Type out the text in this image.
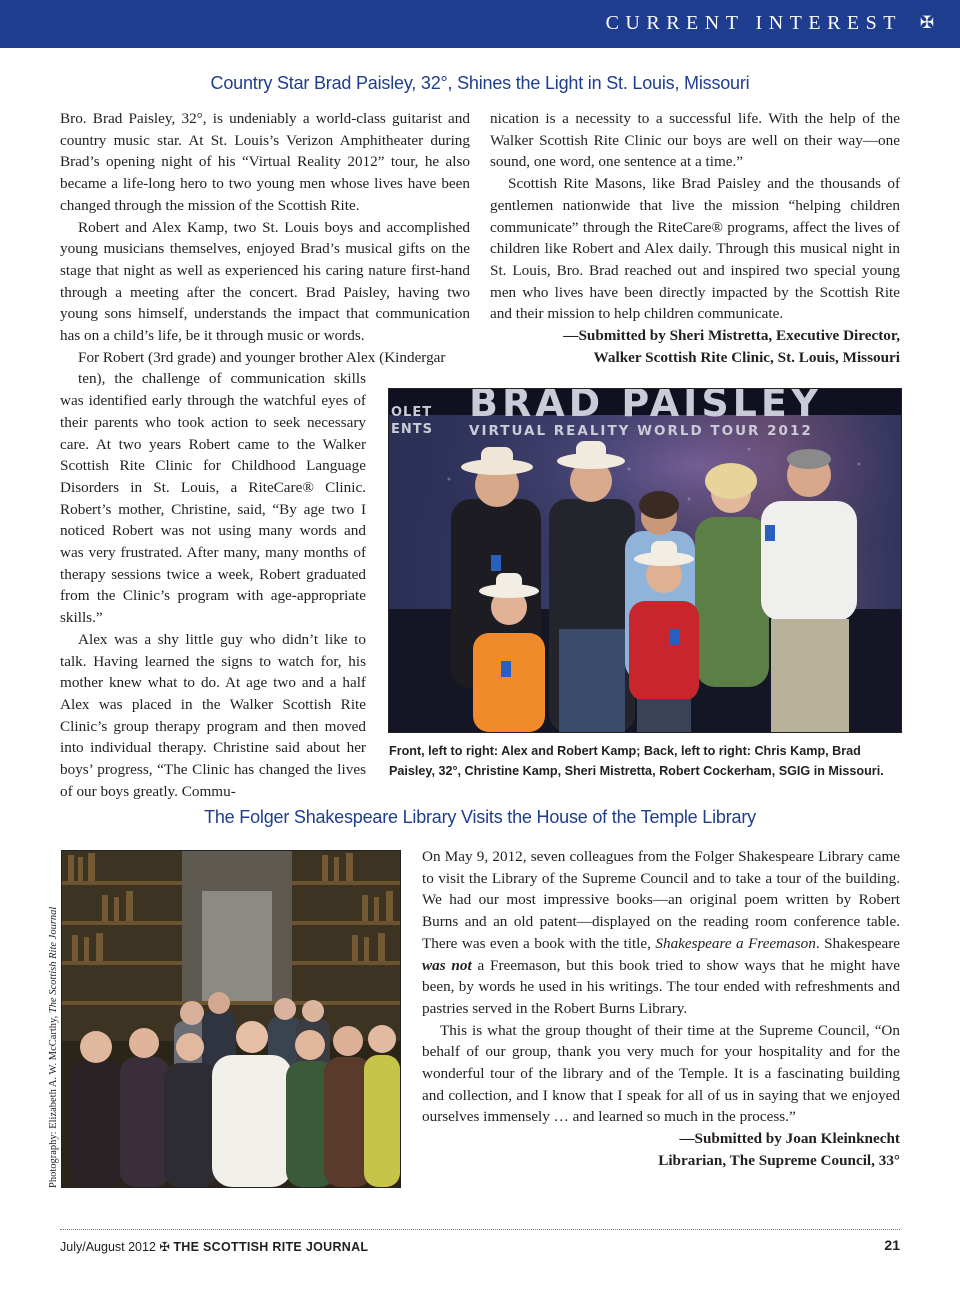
CURRENT INTEREST ✠
Country Star Brad Paisley, 32°, Shines the Light in St. Louis, Missouri

Bro. Brad Paisley, 32°, is undeniably a world-class guitarist and country music star. At St. Louis’s Verizon Amphitheater during Brad’s opening night of his “Virtual Reality 2012” tour, he also became a life-long hero to two young men whose lives have been changed through the mission of the Scottish Rite.

Robert and Alex Kamp, two St. Louis boys and accomplished young musicians themselves, enjoyed Brad’s musical gifts on the stage that night as well as experienced his caring nature first-hand through a meeting after the concert. Brad Paisley, having two young sons himself, understands the impact that communication has on a child’s life, be it through music or words.

For Robert (3rd grade) and younger brother Alex (Kindergar
ten), the challenge of communication skills was identified early through the watchful eyes of their parents who took action to seek necessary care. At two years Robert came to the Walker Scottish Rite Clinic for Childhood Language Disorders in St. Louis, a RiteCare® Clinic. Robert’s mother, Christine, said, “By age two I noticed Robert was not using many words and was very frustrated. After many, many months of therapy sessions twice a week, Robert graduated from the Clinic’s program with age-appropriate skills.”

Alex was a shy little guy who didn’t like to talk. Having learned the signs to watch for, his mother knew what to do. At age two and a half Alex was placed in the Walker Scottish Rite Clinic’s group therapy program and then moved into individual therapy. Christine said about her boys’ progress, “The Clinic has changed the lives of our boys greatly. Commu-

nication is a necessity to a successful life. With the help of the Walker Scottish Rite Clinic our boys are well on their way—one sound, one word, one sentence at a time.”

Scottish Rite Masons, like Brad Paisley and the thousands of gentlemen nationwide that live the mission “helping children communicate” through the RiteCare® programs, affect the lives of children like Robert and Alex daily. Through this musical night in St. Louis, Bro. Brad reached out and inspired two special young men who lives have been directly impacted by the Scottish Rite and their mission to help children communicate.

—Submitted by Sheri Mistretta, Executive Director,
Walker Scottish Rite Clinic, St. Louis, Missouri
BRAD PAISLEY
VIRTUAL REALITY WORLD TOUR 2012
OLET
ENTS
Front, left to right: Alex and Robert Kamp; Back, left to right: Chris Kamp, Brad Paisley, 32°, Christine Kamp, Sheri Mistretta, Robert Cockerham, SGIG in Missouri.
The Folger Shakespeare Library Visits the House of the Temple Library
Photography: Elizabeth A. W. McCarthy, The Scottish Rite Journal

On May 9, 2012, seven colleagues from the Folger Shakespeare Library came to visit the Library of the Supreme Council and to take a tour of the building. We had our most impressive books—an original poem written by Robert Burns and an old patent—displayed on the reading room conference table. There was even a book with the title, Shakespeare a Freemason. Shakespeare was not a Freemason, but this book tried to show ways that he might have been, by words he used in his writings. The tour ended with refreshments and pastries served in the Robert Burns Library.

This is what the group thought of their time at the Supreme Council, “On behalf of our group, thank you very much for your hospitality and for the wonderful tour of the library and of the Temple. It is a fascinating building and collection, and I know that I speak for all of us in saying that we enjoyed ourselves immensely … and learned so much in the process.”

—Submitted by Joan Kleinknecht
Librarian, The Supreme Council, 33°
July/August 2012 ✠ THE SCOTTISH RITE JOURNAL	21
